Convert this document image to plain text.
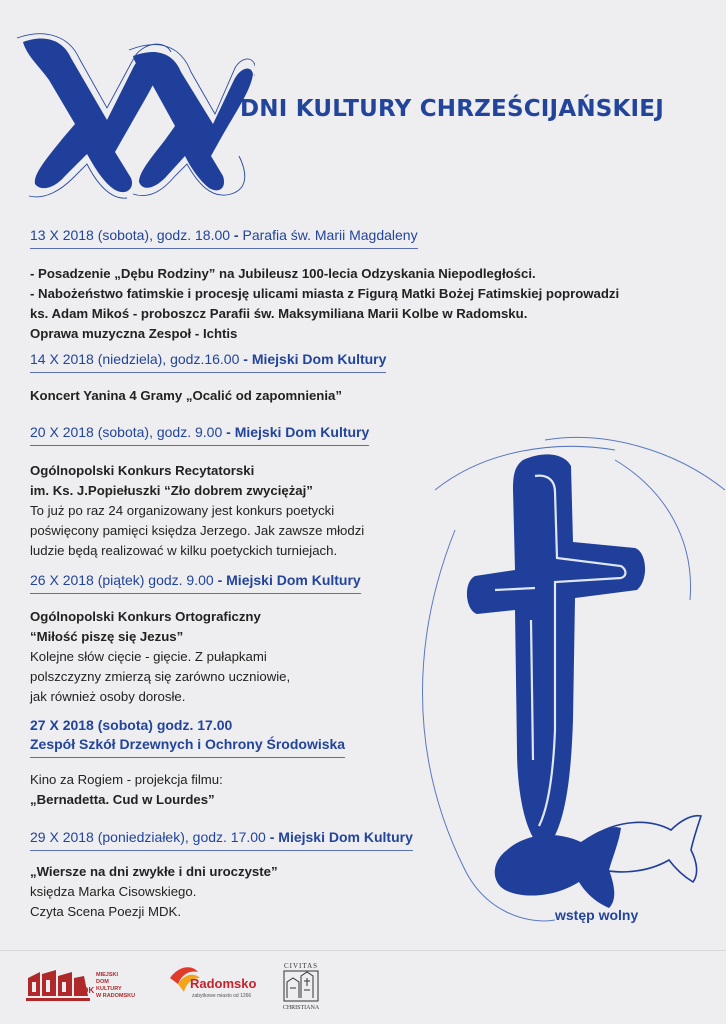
DNI KULTURY CHRZEŚCIJAŃSKIEJ
13 X 2018 (sobota), godz. 18.00 - Parafia św. Marii Magdaleny

- Posadzenie „Dębu Rodziny” na Jubileusz 100-lecia Odzyskania Niepodległości.

- Nabożeństwo fatimskie i procesję ulicami miasta z Figurą Matki Bożej Fatimskiej poprowadzi

ks. Adam Mikoś - proboszcz Parafii św. Maksymiliana Marii Kolbe w Radomsku.

Oprawa muzyczna Zespoł - Ichtis

14 X 2018 (niedziela), godz.16.00 - Miejski Dom Kultury

Koncert Yanina 4 Gramy „Ocalić od zapomnienia”

20 X 2018 (sobota), godz. 9.00 - Miejski Dom Kultury

Ogólnopolski Konkurs Recytatorski

im. Ks. J.Popiełuszki “Zło dobrem zwyciężaj”

To już po raz 24 organizowany jest konkurs poetycki

poświęcony pamięci księdza Jerzego. Jak zawsze młodzi

ludzie będą realizować w kilku poetyckich turniejach.

26 X 2018 (piątek) godz. 9.00 - Miejski Dom Kultury

Ogólnopolski Konkurs Ortograficzny

“Miłość piszę się Jezus”

Kolejne słów cięcie - gięcie. Z pułapkami

polszczyzny zmierzą się zarówno uczniowie,

jak również osoby dorosłe.

27 X 2018 (sobota) godz. 17.00
Zespół Szkół Drzewnych i Ochrony Środowiska

Kino za Rogiem - projekcja filmu:

„Bernadetta. Cud w Lourdes”

29 X 2018 (poniedziałek), godz. 17.00 - Miejski Dom Kultury

„Wiersze na dni zwykłe i dni uroczyste”

księdza Marka Cisowskiego.

Czyta Scena Poezji MDK.	wstęp wolny
MDK
MIEJSKI
DOM
KULTURY
W RADOMSKU
Radomsko
zabytkowe miasto od 1266
CIVITAS
CHRISTIANA
